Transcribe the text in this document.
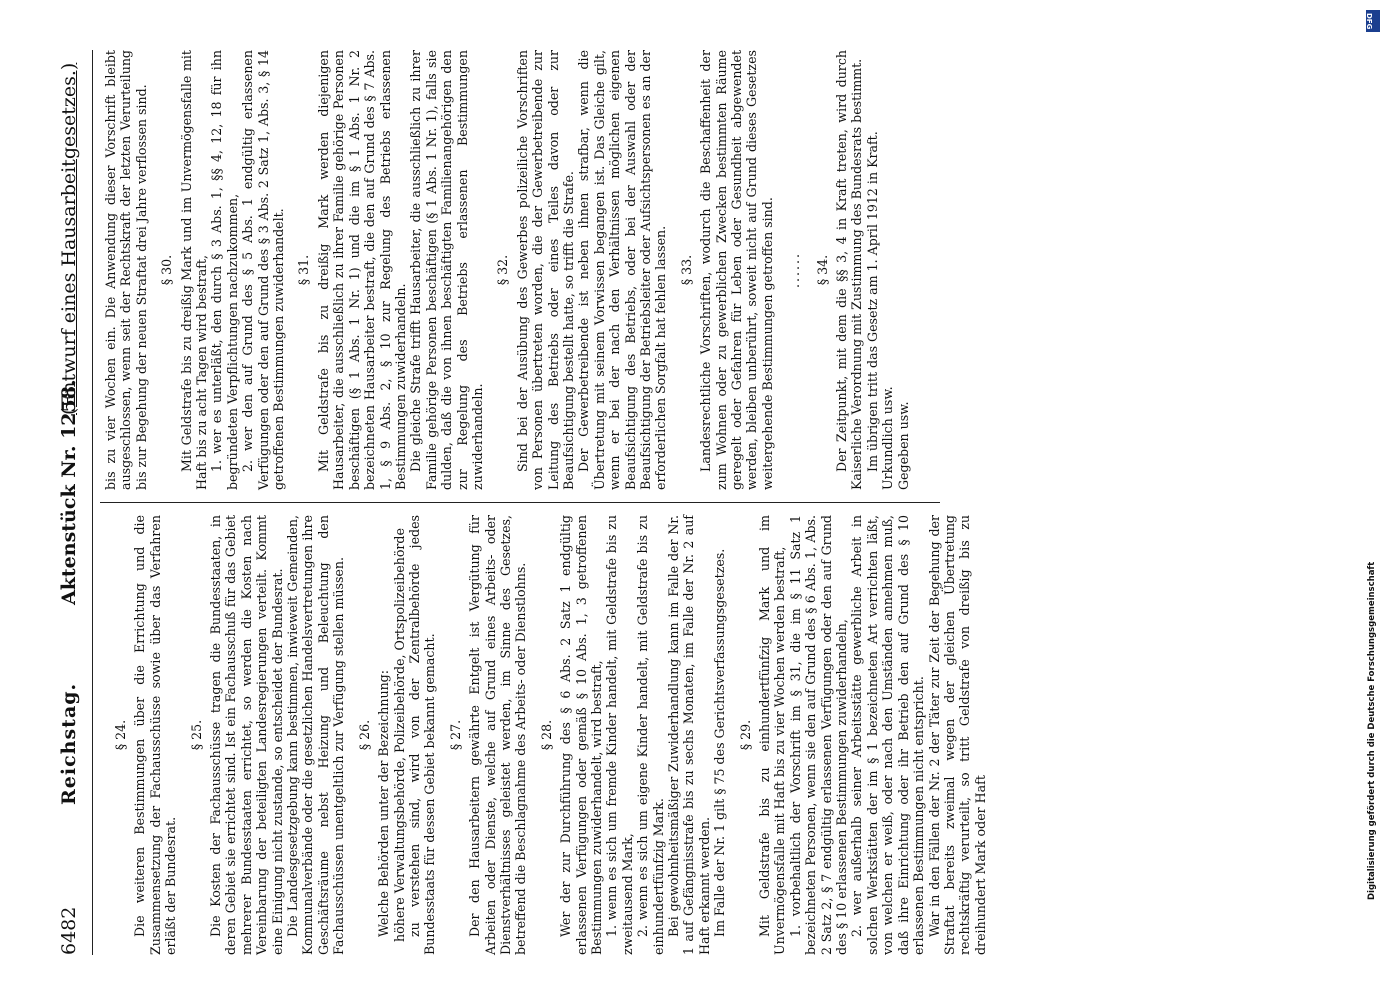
DFG
Digitalisierung gefördert durch die Deutsche Forschungsgemeinschaft
6482
Reichstag.
Aktenstück Nr. 1258.
(Entwurf eines Hausarbeitgesetzes.)
§ 24. Die weiteren Bestimmungen über die Errichtung und die Zusammensetzung der Fachausschüsse sowie über das Verfahren erläßt der Bundesrat.

§ 25. Die Kosten der Fachausschüsse tragen die Bundesstaaten, in deren Gebiet sie errichtet sind. Ist ein Fachausschuß für das Gebiet mehrerer Bundesstaaten errichtet, so werden die Kosten nach Vereinbarung der beteiligten Landesregierungen verteilt. Kommt eine Einigung nicht zustande, so entscheidet der Bundesrat. Die Landesgesetzgebung kann bestimmen, inwieweit Gemeinden, Kommunalverbände oder die gesetzlichen Handelsvertretungen ihre Geschäftsräume nebst Heizung und Beleuchtung den Fachausschüssen unentgeltlich zur Verfügung stellen müssen. § 26. Welche Behörden unter der Bezeichnung: höhere Verwaltungsbehörde, Polizeibehörde, Ortspolizeibehörde zu verstehen sind, wird von der Zentralbehörde jedes Bundesstaats für dessen Gebiet bekannt gemacht. § 27. Der den Hausarbeitern gewährte Entgelt ist Vergütung für Arbeiten oder Dienste, welche auf Grund eines Arbeits- oder Dienstverhältnisses geleistet werden, im Sinne des Gesetzes, betreffend die Beschlagnahme des Arbeits- oder Dienstlohns. § 28. Wer der zur Durchführung des § 6 Abs. 2 Satz 1 endgültig erlassenen Verfügungen oder gemäß § 10 Abs. 1, 3 getroffenen Bestimmungen zuwiderhandelt, wird bestraft, 1. wenn es sich um fremde Kinder handelt, mit Geldstrafe bis zu zweitausend Mark, 2. wenn es sich um eigene Kinder handelt, mit Geldstrafe bis zu einhundertfünfzig Mark. Bei gewohnheitsmäßiger Zuwiderhandlung kann im Falle der Nr. 1 auf Gefängnisstrafe bis zu sechs Monaten, im Falle der Nr. 2 auf Haft erkannt werden. Im Falle der Nr. 1 gilt § 75 des Gerichtsverfassungsgesetzes. § 29. Mit Geldstrafe bis zu einhundertfünfzig Mark und im Unvermögensfalle mit Haft bis zu vier Wochen werden bestraft, 1. vorbehaltlich der Vorschrift im § 31, die im § 11 Satz 1 bezeichneten Personen, wenn sie den auf Grund des § 6 Abs. 1, Abs. 2 Satz 2, § 7 endgültig erlassenen Verfügungen oder den auf Grund des § 10 erlassenen Bestimmungen zuwiderhandeln, 2. wer außerhalb seiner Arbeitsstätte gewerbliche Arbeit in solchen Werkstätten der im § 1 bezeichneten Art verrichten läßt, von welchen er weiß, oder nach den Umständen annehmen muß, daß ihre Einrichtung oder ihr Betrieb den auf Grund des § 10 erlassenen Bestimmungen nicht entspricht. War in den Fällen der Nr. 2 der Täter zur Zeit der Begehung der Straftat bereits zweimal wegen der gleichen Übertretung rechtskräftig verurteilt, so tritt Geldstrafe von dreißig bis zu dreihundert Mark oder Haft

bis zu vier Wochen ein. Die Anwendung dieser Vorschrift bleibt ausgeschlossen, wenn seit der Rechtskraft der letzten Verurteilung bis zur Begehung der neuen Straftat drei Jahre verflossen sind. § 30. Mit Geldstrafe bis zu dreißig Mark und im Unvermögensfalle mit Haft bis zu acht Tagen wird bestraft, 1. wer es unterläßt, den durch § 3 Abs. 1, §§ 4, 12, 18 für ihn begründeten Verpflichtungen nachzukommen, 2. wer den auf Grund des § 5 Abs. 1 endgültig erlassenen Verfügungen oder den auf Grund des § 3 Abs. 2 Satz 1, Abs. 3, § 14 getroffenen Bestimmungen zuwiderhandelt. § 31. Mit Geldstrafe bis zu dreißig Mark werden diejenigen Hausarbeiter, die ausschließlich zu ihrer Familie gehörige Personen beschäftigen (§ 1 Abs. 1 Nr. 1) und die im § 1 Abs. 1 Nr. 2 bezeichneten Hausarbeiter bestraft, die den auf Grund des § 7 Abs. 1, § 9 Abs. 2, § 10 zur Regelung des Betriebs erlassenen Bestimmungen zuwiderhandeln. Die gleiche Strafe trifft Hausarbeiter, die ausschließlich zu ihrer Familie gehörige Personen beschäftigen (§ 1 Abs. 1 Nr. 1), falls sie dulden, daß die von ihnen beschäftigten Familienangehörigen den zur Regelung des Betriebs erlassenen Bestimmungen zuwiderhandeln.

§ 32. Sind bei der Ausübung des Gewerbes polizeiliche Vorschriften von Personen übertreten worden, die der Gewerbetreibende zur Leitung des Betriebs oder eines Teiles davon oder zur Beaufsichtigung bestellt hatte, so trifft die Strafe. Der Gewerbetreibende ist neben ihnen strafbar, wenn die Übertretung mit seinem Vorwissen begangen ist. Das Gleiche gilt, wenn er bei der nach den Verhältnissen möglichen eigenen Beaufsichtigung des Betriebs, oder bei der Auswahl oder der Beaufsichtigung der Betriebsleiter oder Aufsichtspersonen es an der erforderlichen Sorgfalt hat fehlen lassen. § 33. Landesrechtliche Vorschriften, wodurch die Beschaffenheit der zum Wohnen oder zu gewerblichen Zwecken bestimmten Räume geregelt oder Gefahren für Leben oder Gesundheit abgewendet werden, bleiben unberührt, soweit nicht auf Grund dieses Gesetzes weitergehende Bestimmungen getroffen sind. ...... § 34. Der Zeitpunkt, mit dem die §§ 3, 4 in Kraft treten, wird durch Kaiserliche Verordnung mit Zustimmung des Bundesrats bestimmt. Im übrigen tritt das Gesetz am 1. April 1912 in Kraft. Urkundlich usw. Gegeben usw.
